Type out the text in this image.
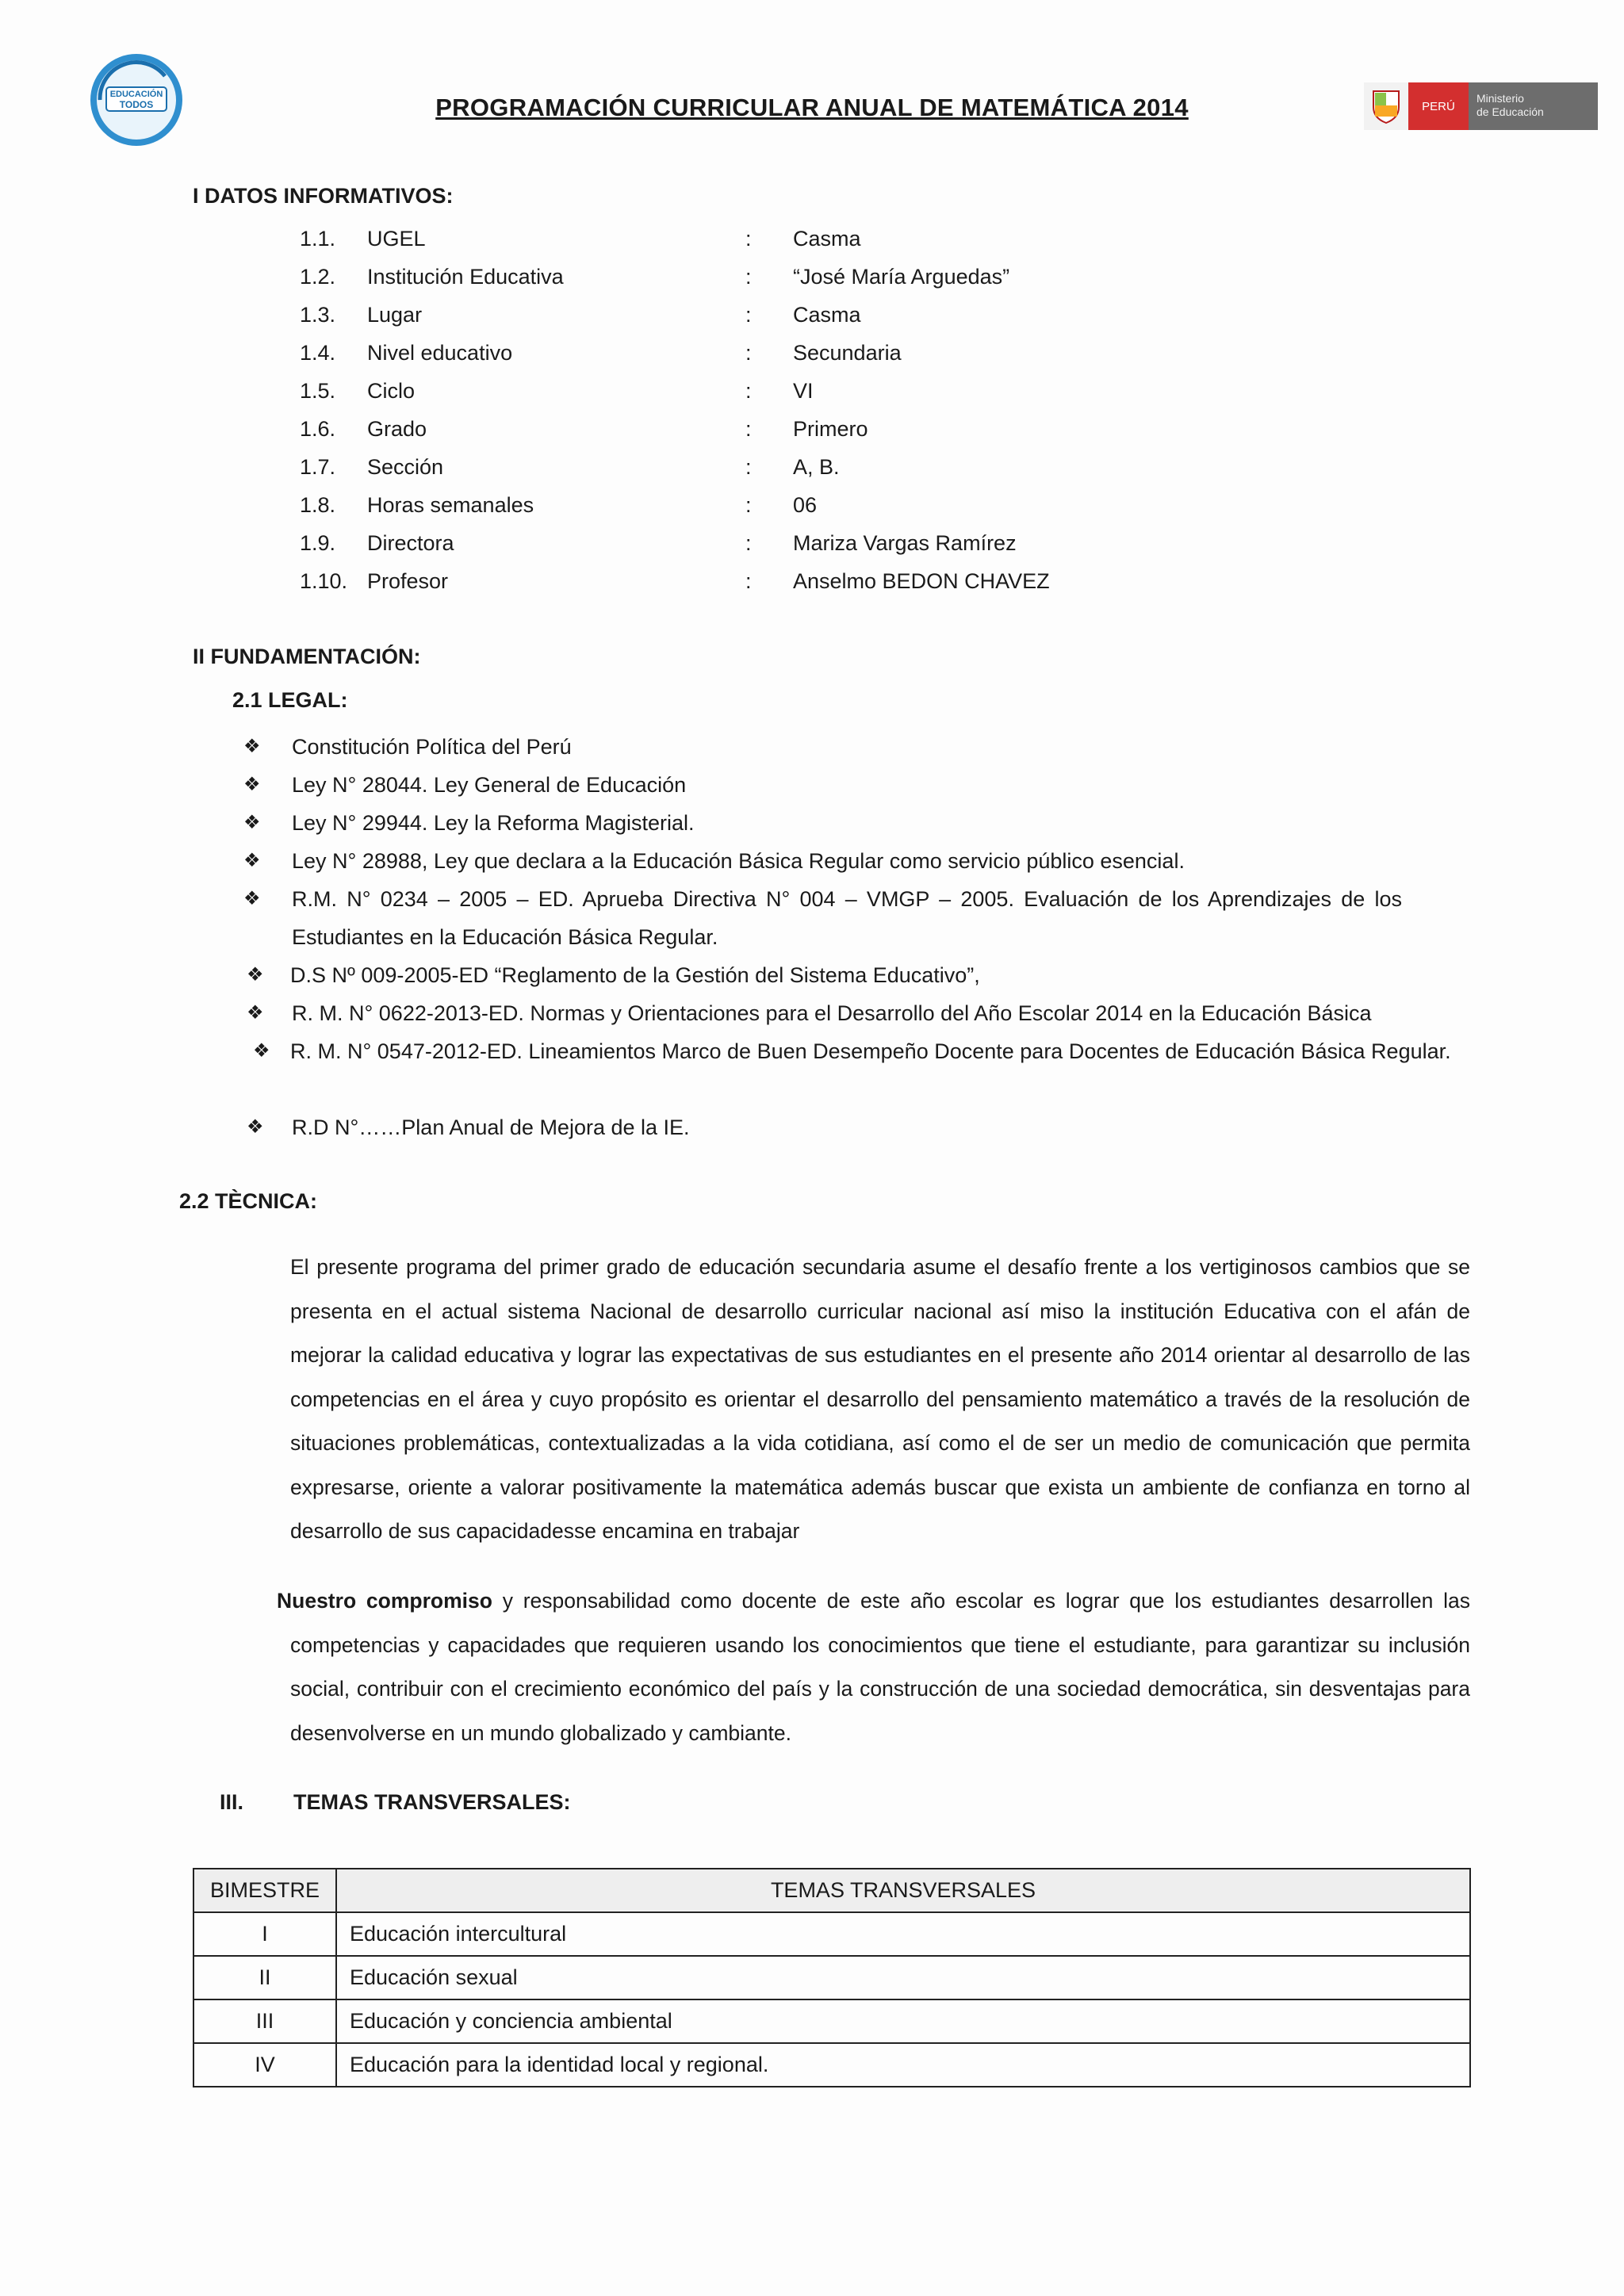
EDUCACIÓN
TODOS	PROGRAMACIÓN CURRICULAR ANUAL DE MATEMÁTICA 2014	PERÚ
Ministerio
de Educación
I DATOS INFORMATIVOS:
1.1. UGEL	: Casma
1.2. Institución Educativa	: “José María Arguedas”
1.3. Lugar	: Casma
1.4. Nivel educativo	: Secundaria
1.5. Ciclo	: VI
1.6. Grado	: Primero
1.7. Sección	: A, B.
1.8. Horas semanales	: 06
1.9. Directora	: Mariza Vargas Ramírez
1.10. Profesor	: Anselmo BEDON CHAVEZ
II FUNDAMENTACIÓN:
2.1 LEGAL:
❖ Constitución Política del Perú
❖ Ley N° 28044. Ley General de Educación
❖ Ley N° 29944. Ley la Reforma Magisterial.
❖ Ley N° 28988, Ley que declara a la Educación Básica Regular como servicio público esencial.
❖ R.M. N° 0234 – 2005 – ED. Aprueba Directiva N° 004 – VMGP – 2005. Evaluación de los Aprendizajes de los Estudiantes en la Educación Básica Regular.
❖ D.S Nº 009-2005-ED “Reglamento de la Gestión del Sistema Educativo”,
❖ R. M. N° 0622-2013-ED. Normas y Orientaciones para el Desarrollo del Año Escolar 2014 en la Educación Básica
❖ R. M. N° 0547-2012-ED. Lineamientos Marco de Buen Desempeño Docente para Docentes de Educación Básica Regular.
❖ R.D N°……Plan Anual de Mejora de la IE.
2.2 TÈCNICA:
El presente programa del primer grado de educación secundaria asume el desafío frente a los vertiginosos cambios que se presenta en el actual sistema Nacional de desarrollo curricular nacional así miso la institución Educativa con el afán de mejorar la calidad educativa y lograr las expectativas de sus estudiantes en el presente año 2014 orientar al desarrollo de las competencias en el área y cuyo propósito es orientar el desarrollo del pensamiento matemático a través de la resolución de situaciones problemáticas, contextualizadas a la vida cotidiana, así como el de ser un medio de comunicación que permita expresarse, oriente a valorar positivamente la matemática además buscar que exista un ambiente de confianza en torno al desarrollo de sus capacidadesse encamina en trabajar
Nuestro compromiso y responsabilidad como docente de este año escolar es lograr que los estudiantes desarrollen las competencias y capacidades que requieren usando los conocimientos que tiene el estudiante, para garantizar su inclusión social, contribuir con el crecimiento económico del país y la construcción de una sociedad democrática, sin desventajas para desenvolverse en un mundo globalizado y cambiante.
III. TEMAS TRANSVERSALES:
BIMESTRE	TEMAS TRANSVERSALES
I	Educación intercultural
II	Educación sexual
III	Educación y conciencia ambiental
IV	Educación para la identidad local y regional.
